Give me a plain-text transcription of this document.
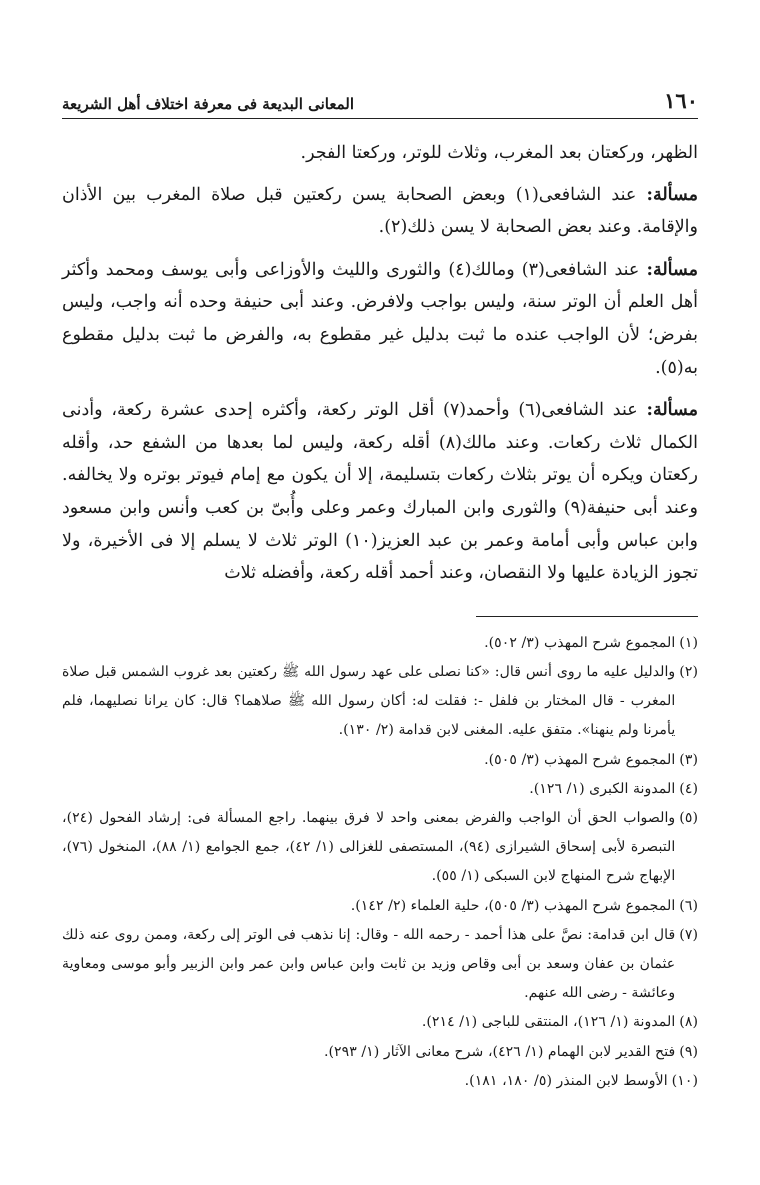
١٦٠
المعانى البديعة فى معرفة اختلاف أهل الشريعة

الظهر، وركعتان بعد المغرب، وثلاث للوتر، وركعتا الفجر.

مسألة: عند الشافعى(١) وبعض الصحابة يسن ركعتين قبل صلاة المغرب بين الأذان والإقامة. وعند بعض الصحابة لا يسن ذلك(٢).

مسألة: عند الشافعى(٣) ومالك(٤) والثورى والليث والأوزاعى وأبى يوسف ومحمد وأكثر أهل العلم أن الوتر سنة، وليس بواجب ولافرض. وعند أبى حنيفة وحده أنه واجب، وليس بفرض؛ لأن الواجب عنده ما ثبت بدليل غير مقطوع به، والفرض ما ثبت بدليل مقطوع به(٥).

مسألة: عند الشافعى(٦) وأحمد(٧) أقل الوتر ركعة، وأكثره إحدى عشرة ركعة، وأدنى الكمال ثلاث ركعات. وعند مالك(٨) أقله ركعة، وليس لما بعدها من الشفع حد، وأقله ركعتان ويكره أن يوتر بثلاث ركعات بتسليمة، إلا أن يكون مع إمام فيوتر بوتره ولا يخالفه. وعند أبى حنيفة(٩) والثورى وابن المبارك وعمر وعلى وأُبىّ بن كعب وأنس وابن مسعود وابن عباس وأبى أمامة وعمر بن عبد العزيز(١٠) الوتر ثلاث لا يسلم إلا فى الأخيرة، ولا تجوز الزيادة عليها ولا النقصان، وعند أحمد أقله ركعة، وأفضله ثلاث

(١)
المجموع شرح المهذب (٣/ ٥٠٢).
(٢)
والدليل عليه ما روى أنس قال: «كنا نصلى على عهد رسول الله ﷺ ركعتين بعد غروب الشمس قبل صلاة المغرب - قال المختار بن فلفل -: فقلت له: أكان رسول الله ﷺ صلاهما؟ قال: كان يرانا نصليهما، فلم يأمرنا ولم ينهنا». متفق عليه. المغنى لابن قدامة (٢/ ١٣٠).
(٣)
المجموع شرح المهذب (٣/ ٥٠٥).
(٤)
المدونة الكبرى (١/ ١٢٦).
(٥)
والصواب الحق أن الواجب والفرض بمعنى واحد لا فرق بينهما. راجع المسألة فى: إرشاد الفحول (٢٤)، التبصرة لأبى إسحاق الشيرازى (٩٤)، المستصفى للغزالى (١/ ٤٢)، جمع الجوامع (١/ ٨٨)، المنخول (٧٦)، الإبهاج شرح المنهاج لابن السبكى (١/ ٥٥).
(٦)
المجموع شرح المهذب (٣/ ٥٠٥)، حلية العلماء (٢/ ١٤٢).
(٧)
قال ابن قدامة: نصَّ على هذا أحمد - رحمه الله - وقال: إنا نذهب فى الوتر إلى ركعة، وممن روى عنه ذلك عثمان بن عفان وسعد بن أبى وقاص وزيد بن ثابت وابن عباس وابن عمر وابن الزبير وأبو موسى ومعاوية وعائشة - رضى الله عنهم.
(٨)
المدونة (١/ ١٢٦)، المنتقى للباجى (١/ ٢١٤).
(٩)
فتح القدير لابن الهمام (١/ ٤٢٦)، شرح معانى الآثار (١/ ٢٩٣).
(١٠)
الأوسط لابن المنذر (٥/ ١٨٠، ١٨١).
